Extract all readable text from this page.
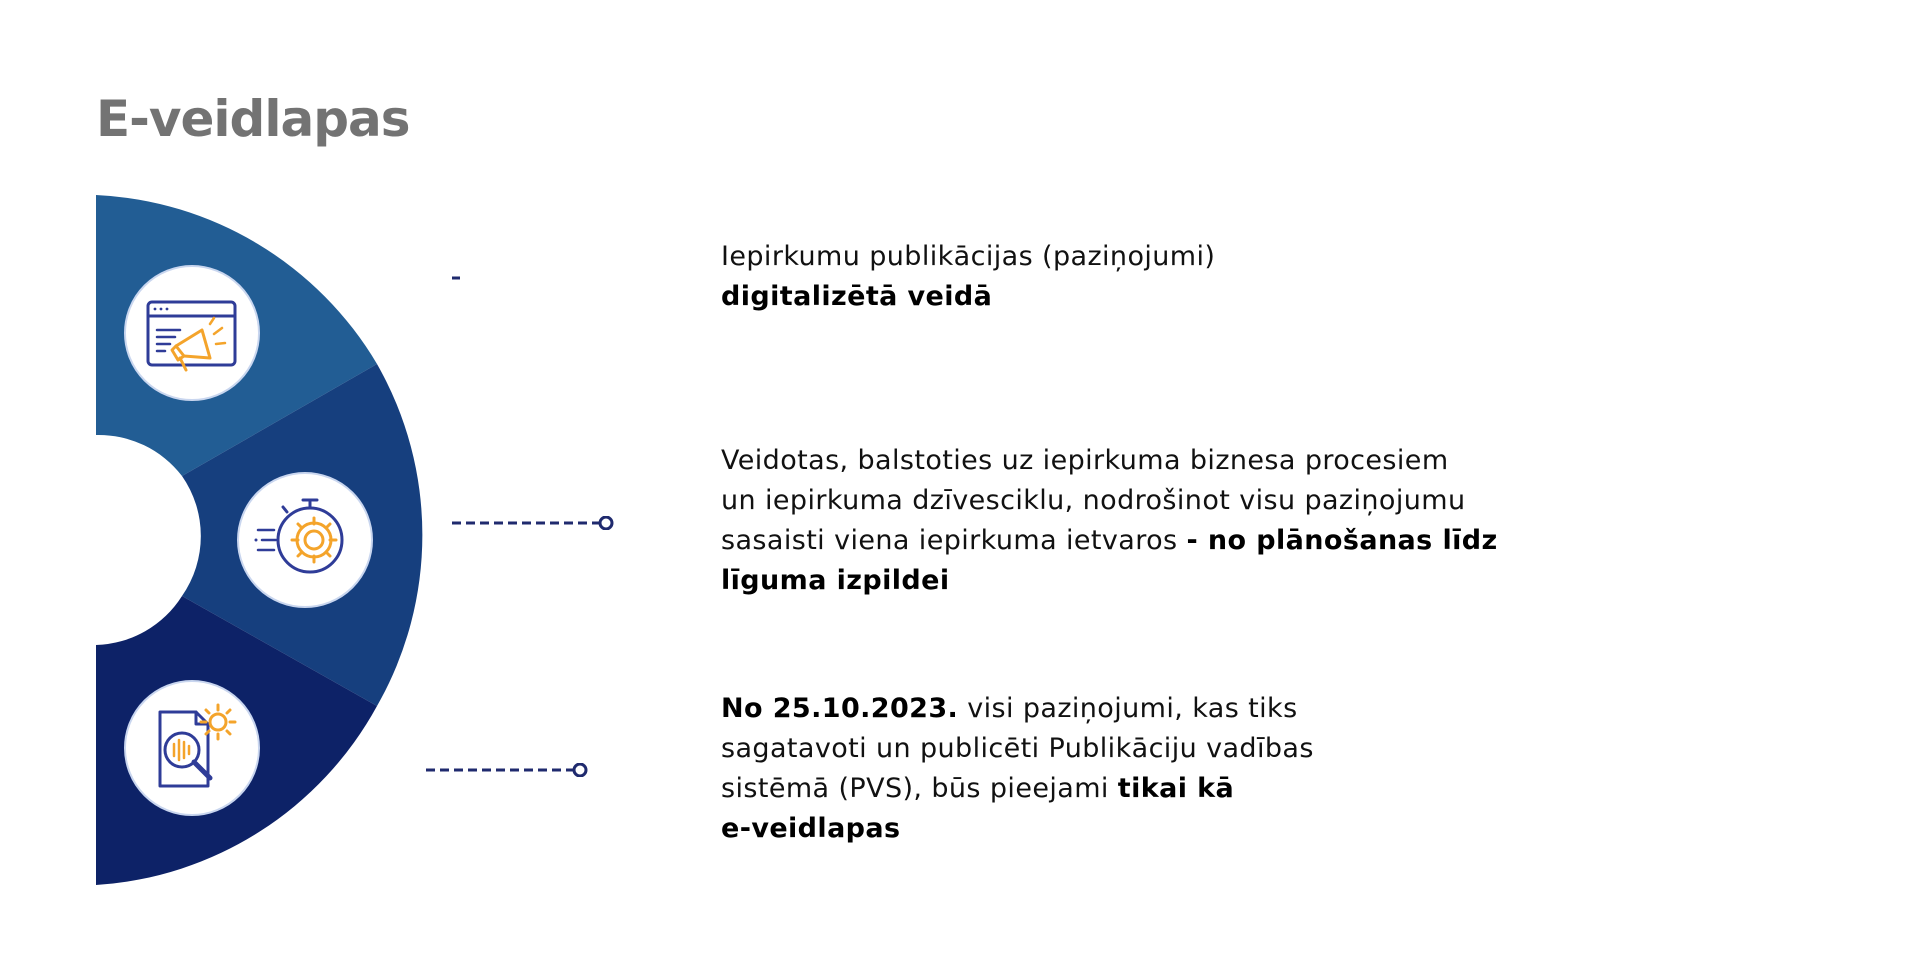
E-veidlapas
Iepirkumu publikācijas (paziņojumi)
digitalizētā veidā
Veidotas, balstoties uz iepirkuma biznesa procesiem
un iepirkuma dzīvesciklu, nodrošinot visu paziņojumu
sasaisti viena iepirkuma ietvaros - no plānošanas līdz
līguma izpildei
No 25.10.2023. visi paziņojumi, kas tiks
sagatavoti un publicēti Publikāciju vadības
sistēmā (PVS), būs pieejami tikai kā
e-veidlapas
